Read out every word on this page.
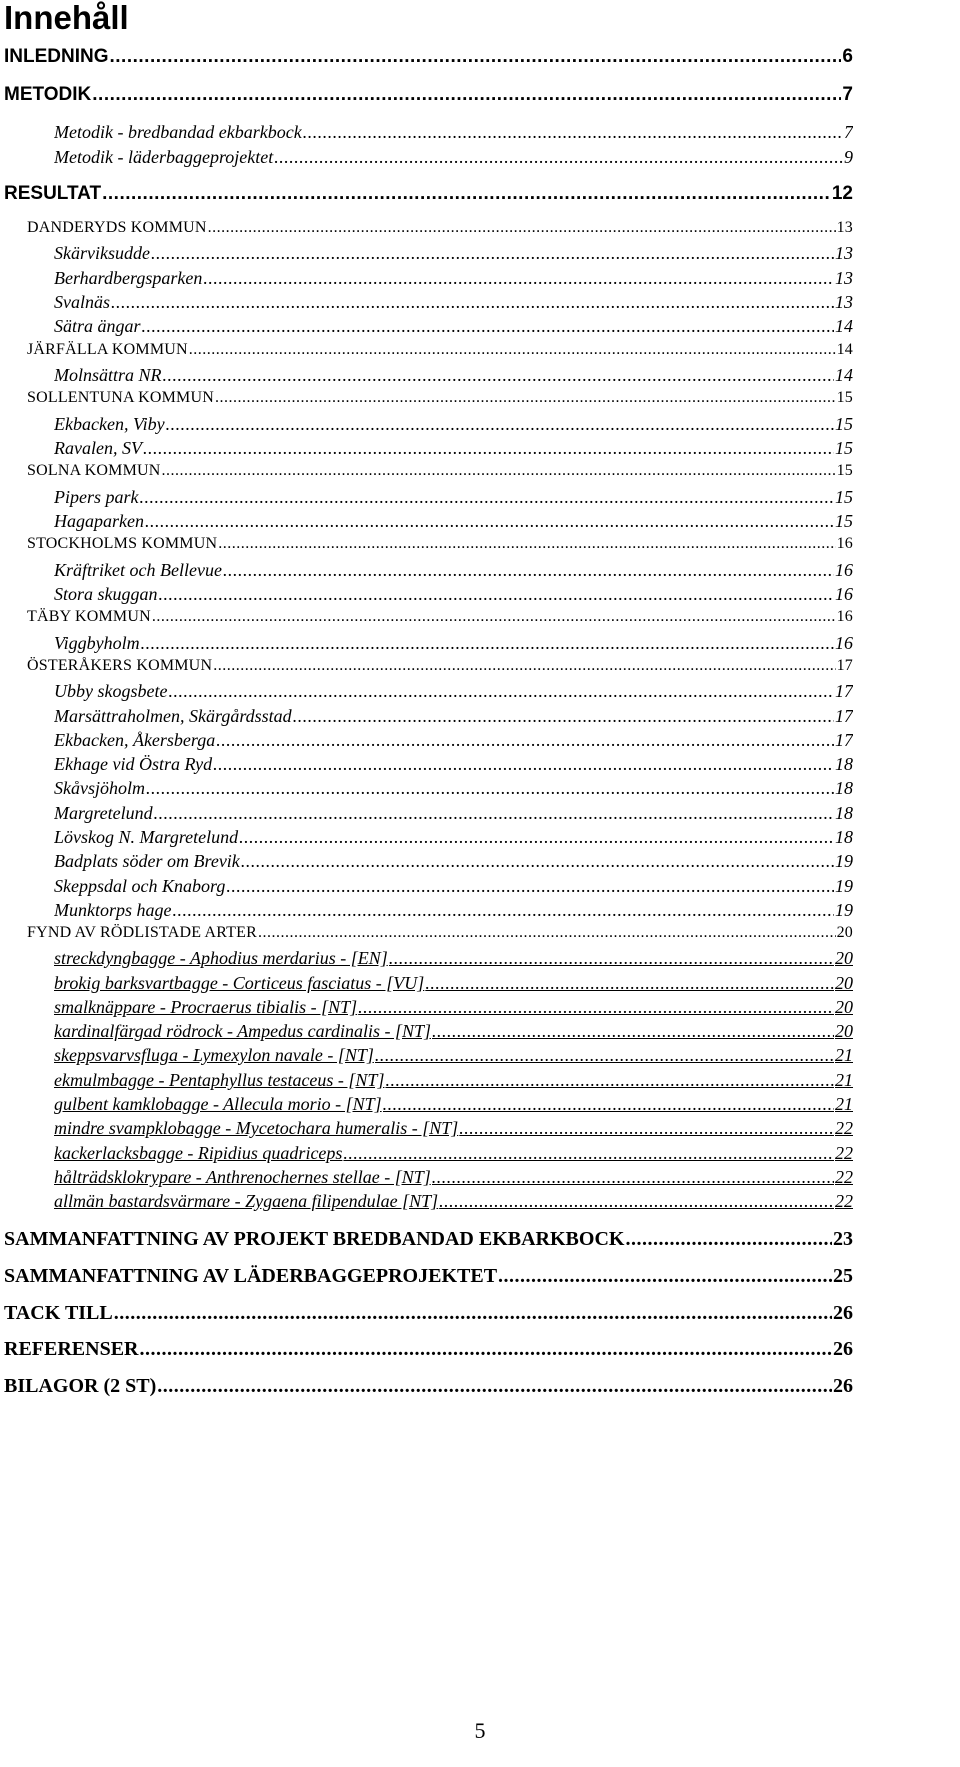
Innehåll
INLEDNING .....	6
METODIK .....	7
Metodik - bredbandad ekbarkbock .....	7
Metodik - läderbaggeprojektet .....	9
RESULTAT .....	12
DANDERYDS KOMMUN .....	13
Skärviksudde .....	13
Berhardbergsparken .....	13
Svalnäs .....	13
Sätra ängar .....	14
JÄRFÄLLA KOMMUN .....	14
Molnsättra NR .....	14
SOLLENTUNA KOMMUN .....	15
Ekbacken, Viby .....	15
Ravalen, SV .....	15
SOLNA KOMMUN .....	15
Pipers park .....	15
Hagaparken .....	15
STOCKHOLMS KOMMUN .....	16
Kräftriket och Bellevue .....	16
Stora skuggan .....	16
TÄBY KOMMUN .....	16
Viggbyholm .....	16
ÖSTERÅKERS KOMMUN .....	17
Ubby skogsbete .....	17
Marsättraholmen, Skärgårdsstad .....	17
Ekbacken, Åkersberga .....	17
Ekhage vid Östra Ryd .....	18
Skåvsjöholm .....	18
Margretelund .....	18
Lövskog N. Margretelund .....	18
Badplats söder om Brevik .....	19
Skeppsdal och Knaborg .....	19
Munktorps hage .....	19
FYND AV RÖDLISTADE ARTER .....	20
streckdyngbagge - Aphodius merdarius - [EN] .....	20
brokig barksvartbagge - Corticeus fasciatus - [VU] .....	20
smalknäppare - Procraerus tibialis - [NT] .....	20
kardinalfärgad rödrock - Ampedus cardinalis - [NT] .....	20
skeppsvarvsfluga - Lymexylon navale - [NT] .....	21
ekmulmbagge - Pentaphyllus testaceus - [NT] .....	21
gulbent kamklobagge - Allecula morio - [NT] .....	21
mindre svampklobagge - Mycetochara humeralis - [NT] .....	22
kackerlacksbagge - Ripidius quadriceps .....	22
hålträdsklokrypare - Anthrenochernes stellae - [NT] .....	22
allmän bastardsvärmare - Zygaena filipendulae [NT] .....	22
SAMMANFATTNING AV PROJEKT BREDBANDAD EKBARKBOCK .....	23
SAMMANFATTNING AV LÄDERBAGGEPROJEKTET .....	25
TACK TILL .....	26
REFERENSER .....	26
BILAGOR (2 ST) .....	26
5
